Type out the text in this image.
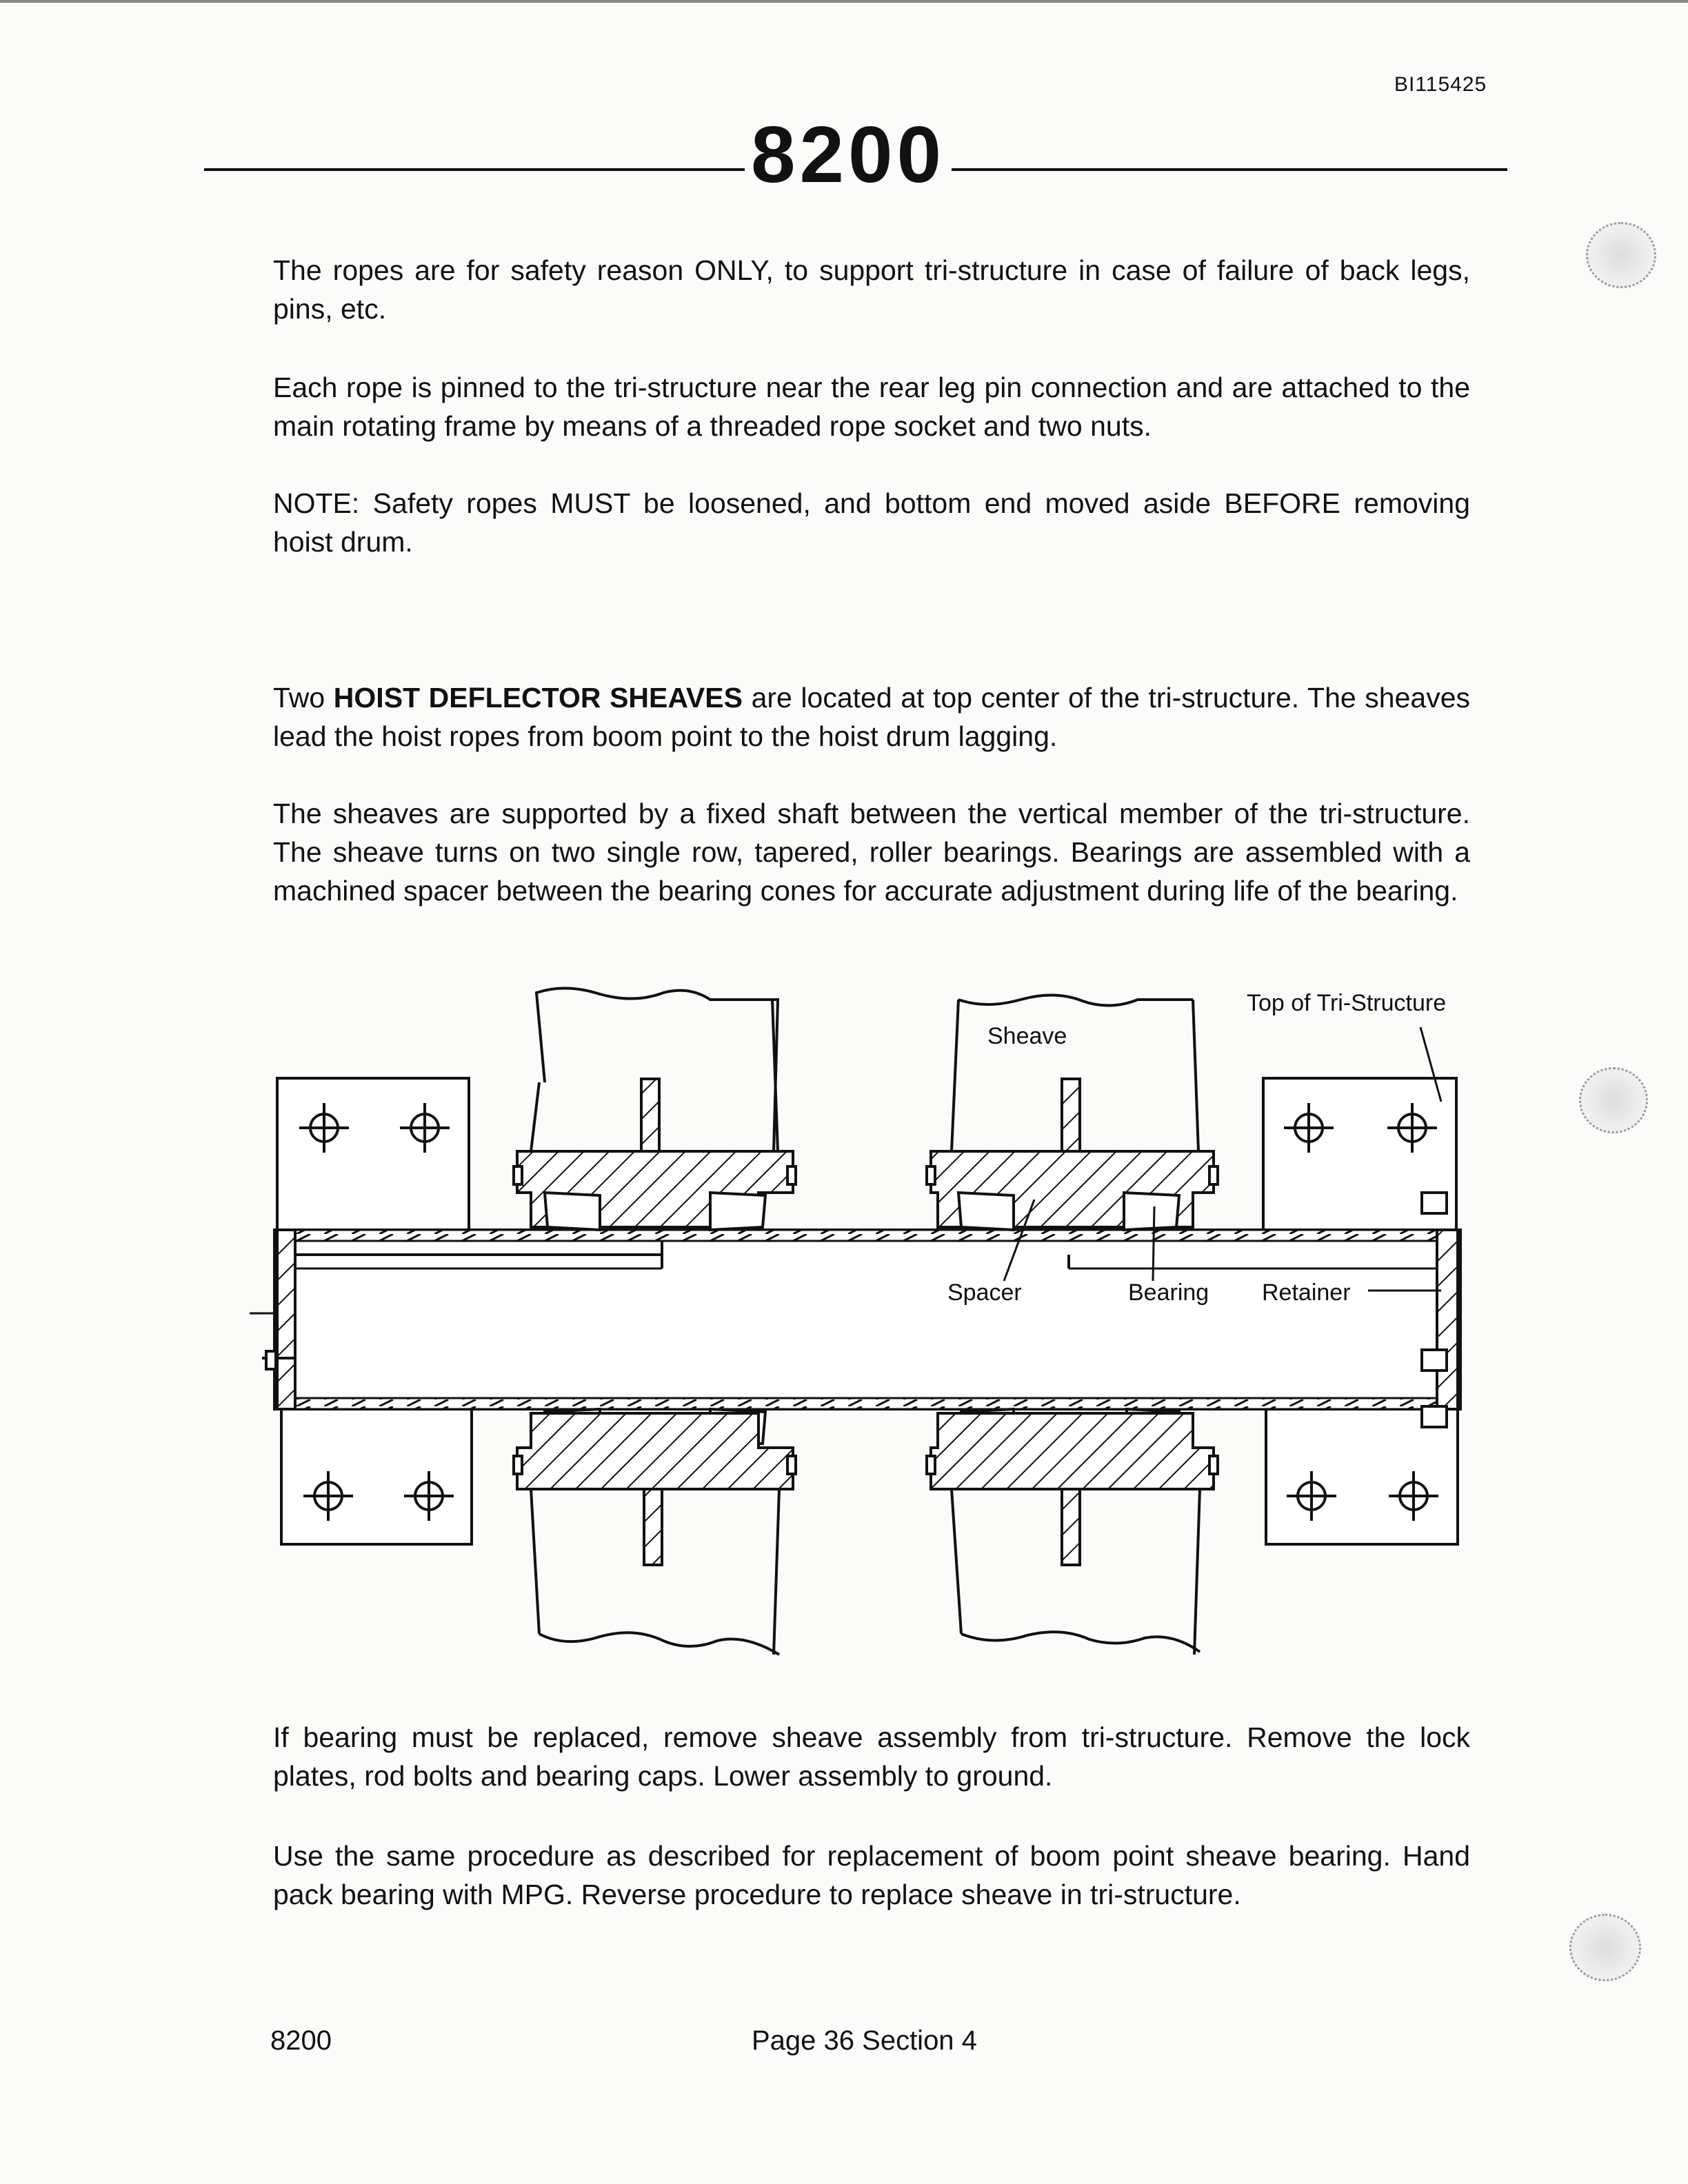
BI115425
8200

The ropes are for safety reason ONLY, to support tri-structure in case of failure of back legs, pins, etc.

Each rope is pinned to the tri-structure near the rear leg pin connection and are attached to the main rotating frame by means of a threaded rope socket and two nuts.

NOTE: Safety ropes MUST be loosened, and bottom end moved aside BEFORE removing hoist drum.

Two HOIST DEFLECTOR SHEAVES are located at top center of the tri-structure. The sheaves lead the hoist ropes from boom point to the hoist drum lagging.

The sheaves are supported by a fixed shaft between the vertical member of the tri-structure. The sheave turns on two single row, tapered, roller bearings. Bearings are assembled with a machined spacer between the bearing cones for accurate adjustment during life of the bearing.

Top of Tri-Structure
Sheave
Spacer	Bearing Retainer

If bearing must be replaced, remove sheave assembly from tri-structure. Remove the lock plates, rod bolts and bearing caps. Lower assembly to ground.

Use the same procedure as described for replacement of boom point sheave bearing. Hand pack bearing with MPG. Reverse procedure to replace sheave in tri-structure.

8200	Page 36 Section 4
